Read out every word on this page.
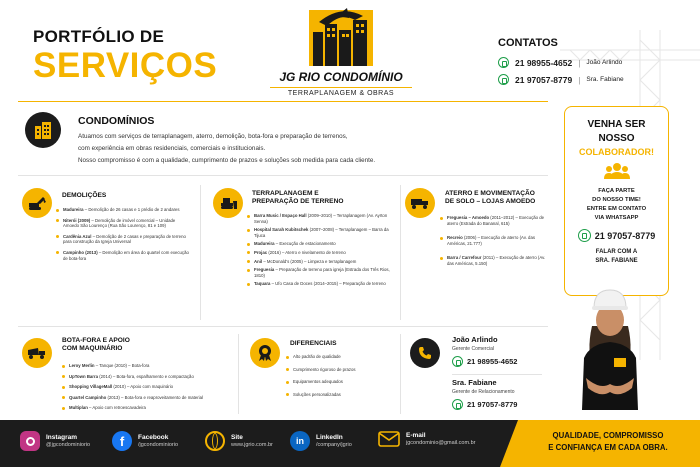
PORTFÓLIO DE
SERVIÇOS	JG RIO CONDOMÍNIO
TERRAPLANAGEM & OBRAS
CONTATOS
21 98955-4652 | João Arlindo
21 97057-8779 | Sra. Fabiane
CONDOMÍNIOS
Atuamos com serviços de terraplanagem, aterro, demolição, bota-fora e preparação de terrenos,
com experiência em obras residenciais, comerciais e institucionais.
Nosso compromisso é com a qualidade, cumprimento de prazos e soluções sob medida para cada cliente.
DEMOLIÇÕES
Madureira – Demolição de 26 casas e 1 prédio de 2 andares
Niterói (2009) – Demolição de imóvel comercial – Unidade Amoedo São Lourenço (Rua São Lourenço, 81 e 109)
Cardênia Azul – Demolição de 2 casas e preparação de terreno para construção da Igreja Universal
Campinho (2013) – Demolição em área do quartel com execução de bota-fora
TERRAPLANAGEM E
PREPARAÇÃO DE TERRENO
Barra Music / Espaço Hall (2009–2010) – Terraplanagem (Av. Ayrton Senna)
Hospital Sarah Kubitschek (2007–2008) – Terraplanagem – Barra da Tijuca
Madureira – Execução de estacionamento
Projac (2016) – Aterro e nivelamento de terreno
Anil – McDonald's (2005) – Limpeza e terraplanagem
Freguesia – Preparação de terreno para igreja (Estrada dos Três Rios, 1810)
Taquara – Ufo Casa de Doces (2014–2015) – Preparação de terreno
ATERRO E MOVIMENTAÇÃO
DE SOLO – LOJAS AMOEDO
Freguesia – Amoedo (2011–2012) – Execução de aterro (Estrada do Bananal, 615)
Recreio (2006) – Execução de aterro (Av. das Américas, 21.777)
Barra / Carrefour (2011) – Execução de aterro (Av. das Américas, 5.150)
BOTA-FORA E APOIO
COM MAQUINÁRIO
Leroy Merlin – Tanque (2010) – Bota-fora
UpTown Barra (2014) – Bota-fora, espalhamento e compactação
Shopping VillageMall (2010) – Apoio com maquinário
Quartel Campinho (2013) – Bota-fora e reaproveitamento de material
Multiplan – Apoio com retroescavadeira
DIFERENCIAIS
Alto padrão de qualidade
Cumprimento rigoroso de prazos
Equipamentos adequados
Soluções personalizadas
João Arlindo
Gerente Comercial
21 98955-4652
Sra. Fabiane
Gerente de Relacionamento
21 97057-8779
VENHA SER
NOSSO
COLABORADOR!
FAÇA PARTE
DO NOSSO TIME!
ENTRE EM CONTATO
VIA WHATSAPP
21 97057-8779
FALAR COM A
SRA. FABIANE
Instagram
@jgcondominiorio	f	Facebook
/jgcondominiorio
Site
www.jgrio.com.br	in	LinkedIn
/company/jgrio
E-mail
jgcondominio@gmail.com.br
QUALIDADE, COMPROMISSO
E CONFIANÇA EM CADA OBRA.
